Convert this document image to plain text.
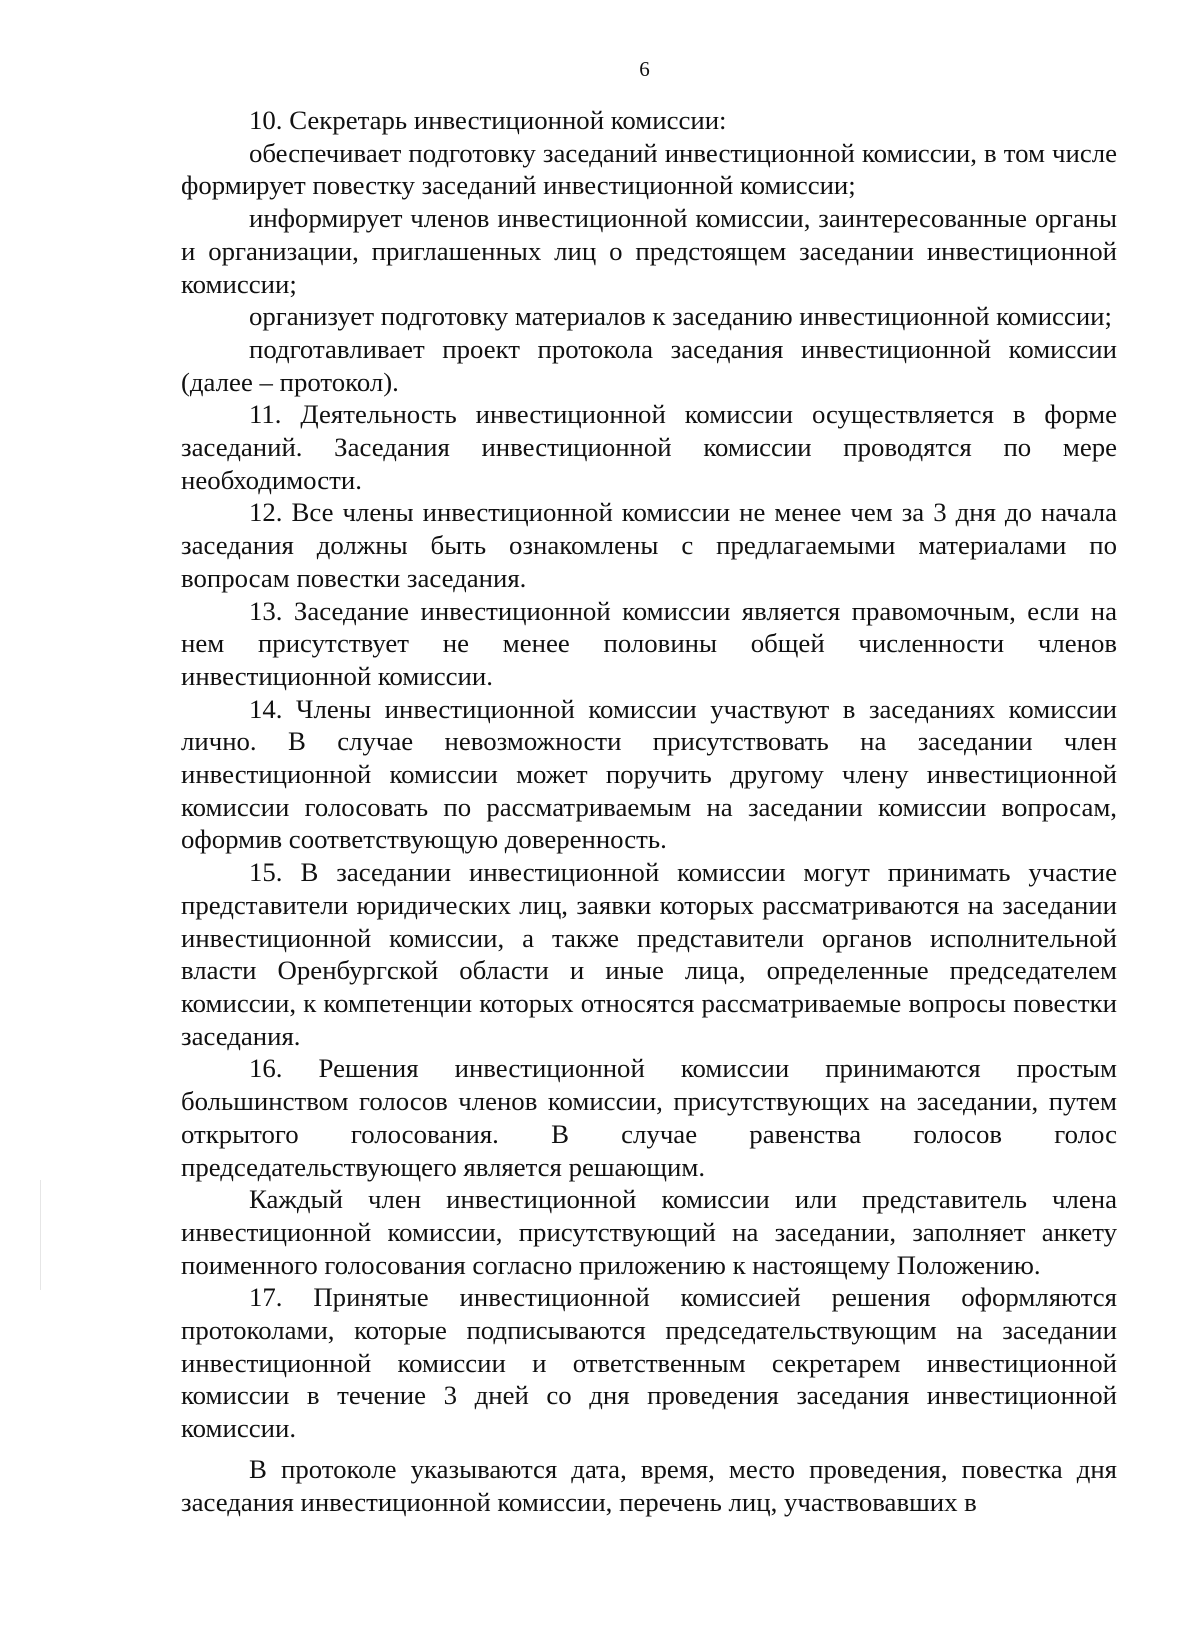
6

10. Секретарь инвестиционной комиссии:

обеспечивает подготовку заседаний инвестиционной комиссии, в том числе формирует повестку заседаний инвестиционной комиссии;

информирует членов инвестиционной комиссии, заинтересованные органы и организации, приглашенных лиц о предстоящем заседании инвестиционной комиссии;

организует подготовку материалов к заседанию инвестиционной комиссии;

подготавливает проект протокола заседания инвестиционной комиссии (далее – протокол).

11. Деятельность инвестиционной комиссии осуществляется в форме заседаний. Заседания инвестиционной комиссии проводятся по мере необходимости.

12. Все члены инвестиционной комиссии не менее чем за 3 дня до начала заседания должны быть ознакомлены с предлагаемыми материалами по вопросам повестки заседания.

13. Заседание инвестиционной комиссии является правомочным, если на нем присутствует не менее половины общей численности членов инвестиционной комиссии.

14. Члены инвестиционной комиссии участвуют в заседаниях комиссии лично. В случае невозможности присутствовать на заседании член инвестиционной комиссии может поручить другому члену инвестиционной комиссии голосовать по рассматриваемым на заседании комиссии вопросам, оформив соответствующую доверенность.

15. В заседании инвестиционной комиссии могут принимать участие представители юридических лиц, заявки которых рассматриваются на заседании инвестиционной комиссии, а также представители органов исполнительной власти Оренбургской области и иные лица, определенные председателем комиссии, к компетенции которых относятся рассматриваемые вопросы повестки заседания.

16. Решения инвестиционной комиссии принимаются простым большинством голосов членов комиссии, присутствующих на заседании, путем открытого голосования. В случае равенства голосов голос председательствующего является решающим.

Каждый член инвестиционной комиссии или представитель члена инвестиционной комиссии, присутствующий на заседании, заполняет анкету поименного голосования согласно приложению к настоящему Положению.

17. Принятые инвестиционной комиссией решения оформляются протоколами, которые подписываются председательствующим на заседании инвестиционной комиссии и ответственным секретарем инвестиционной комиссии в течение 3 дней со дня проведения заседания инвестиционной комиссии.

В протоколе указываются дата, время, место проведения, повестка дня заседания инвестиционной комиссии, перечень лиц, участвовавших в
